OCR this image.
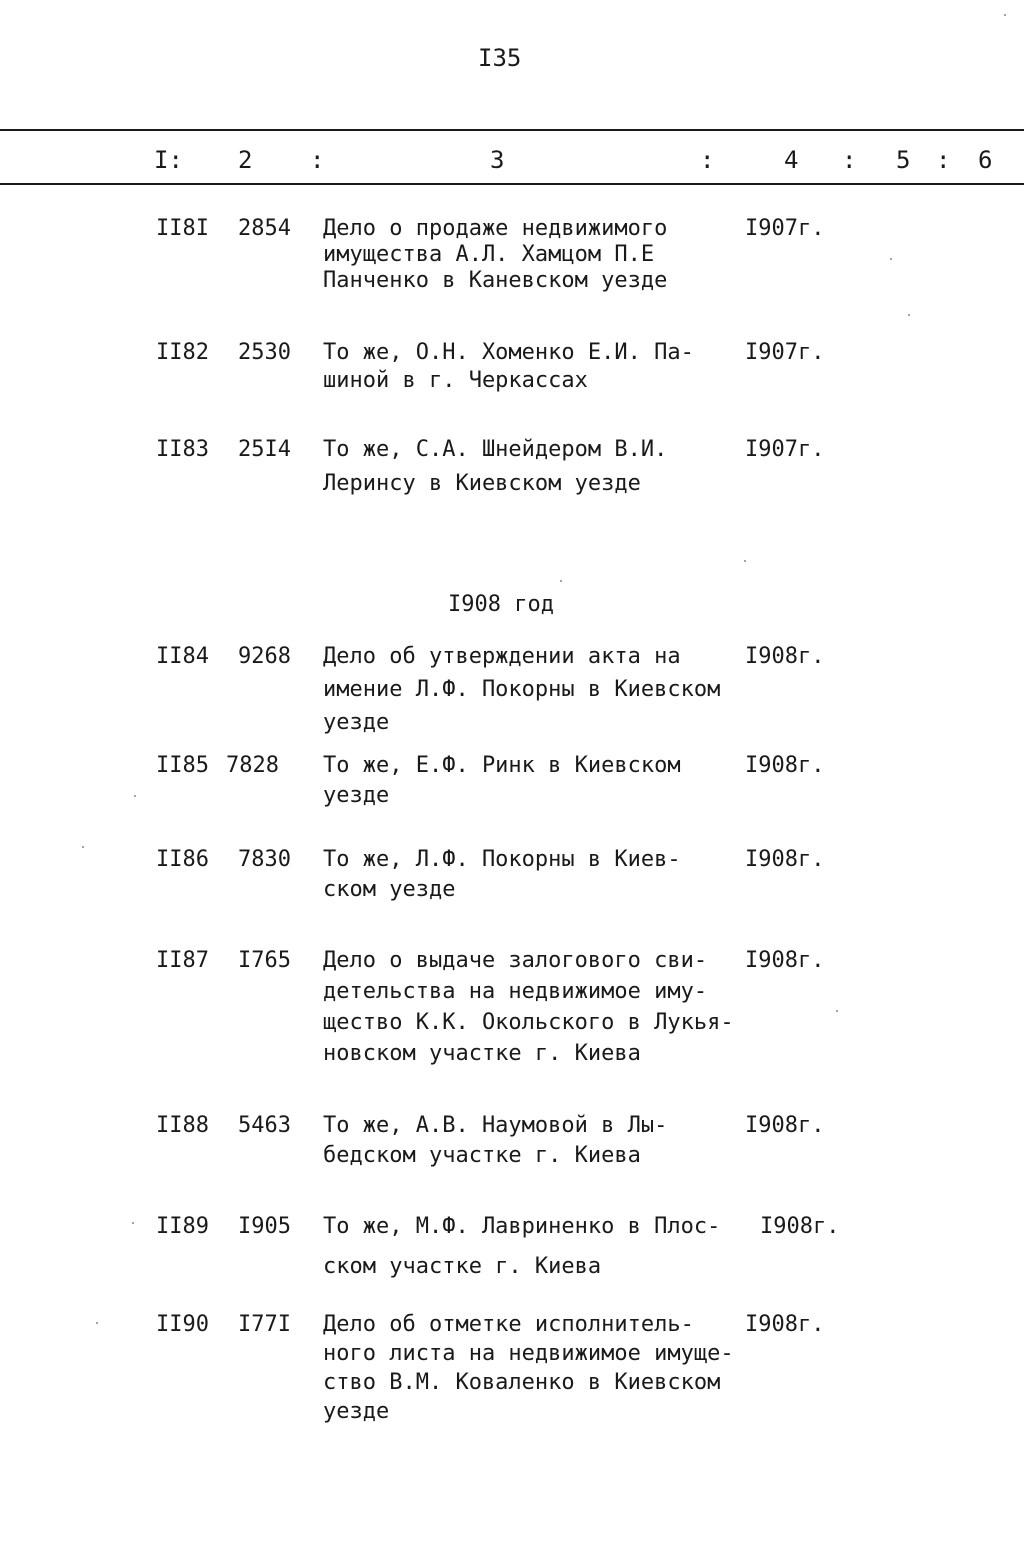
I35
I: 2 :	3	:	4 : 5 : 6
II8I 2854 Дело о продаже недвижимого
имущества А.Л. Хамцом П.Е
Панченко в Каневском уезде
I907г.
II82 2530 То же, О.Н. Хоменко Е.И. Па-
шиной в г. Черкассах
I907г.
II83 25I4 То же, С.А. Шнейдером В.И.
Леринсу в Киевском уезде
I907г.
I908 год
II84 9268 Дело об утверждении акта на
имение Л.Ф. Покорны в Киевском
уезде
I908г.
II85 7828 То же, Е.Ф. Ринк в Киевском
уезде
I908г.
II86 7830 То же, Л.Ф. Покорны в Киев-
ском уезде
I908г.
II87 I765 Дело о выдаче залогового сви-
детельства на недвижимое иму-
щество К.К. Окольского в Лукья-
новском участке г. Киева
I908г.
II88 5463 То же, А.В. Наумовой в Лы-
бедском участке г. Киева
I908г.
II89 I905 То же, М.Ф. Лавриненко в Плос-
ском участке г. Киева
I908г.
II90 I77I Дело об отметке исполнитель-
ного листа на недвижимое имуще-
ство В.М. Коваленко в Киевском
уезде
I908г.
